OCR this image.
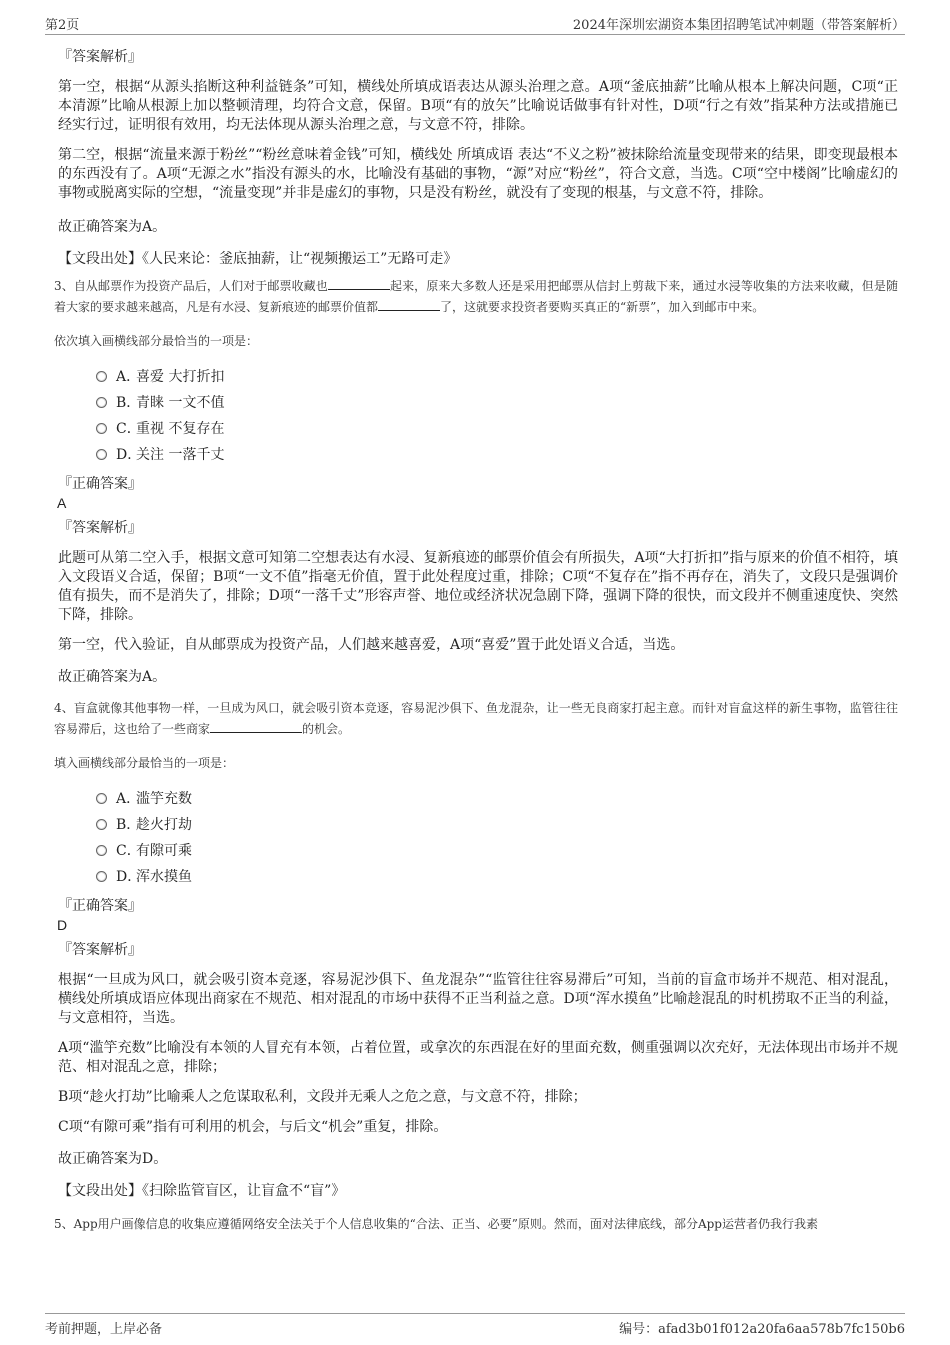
第2页	2024年深圳宏湖资本集团招聘笔试冲刺题（带答案解析）
『答案解析』

第一空，根据“从源头掐断这种利益链条”可知，横线处所填成语表达从源头治理之意。A项“釜底抽薪”比喻从根本上解决问题，C项“正本清源”比喻从根源上加以整顿清理，均符合文意，保留。B项“有的放矢”比喻说话做事有针对性，D项“行之有效”指某种方法或措施已经实行过，证明很有效用，均无法体现从源头治理之意，与文意不符，排除。

第二空，根据“流量来源于粉丝”“粉丝意味着金钱”可知，横线处 所填成语 表达“不义之粉”被抹除给流量变现带来的结果，即变现最根本的东西没有了。A项“无源之水”指没有源头的水，比喻没有基础的事物，“源”对应“粉丝”，符合文意，当选。C项“空中楼阁”比喻虚幻的事物或脱离实际的空想，“流量变现”并非是虚幻的事物，只是没有粉丝，就没有了变现的根基，与文意不符，排除。

故正确答案为A。
【文段出处】《人民来论：釜底抽薪，让“视频搬运工”无路可走》
3、自从邮票作为投资产品后，人们对于邮票收藏也	起来，原来大多数人还是采用把邮票从信封上剪裁下来，通过水浸等收集的方法来收藏，但是随着大家的要求越来越高，凡是有水浸、复新痕迹的邮票价值都	了，这就要求投资者要购买真正的“新票”，加入到邮市中来。
依次填入画横线部分最恰当的一项是：
A．
喜爱 大打折扣
B．
青睐 一文不值
C．
重视 不复存在
D．
关注 一落千丈
『正确答案』
A
『答案解析』

此题可从第二空入手，根据文意可知第二空想表达有水浸、复新痕迹的邮票价值会有所损失，A项“大打折扣”指与原来的价值不相符，填入文段语义合适，保留；B项“一文不值”指毫无价值，置于此处程度过重，排除；C项“不复存在”指不再存在，消失了，文段只是强调价值有损失，而不是消失了，排除；D项“一落千丈”形容声誉、地位或经济状况急剧下降，强调下降的很快，而文段并不侧重速度快、突然下降，排除。

第一空，代入验证，自从邮票成为投资产品，人们越来越喜爱，A项“喜爱”置于此处语义合适，当选。

故正确答案为A。
4、盲盒就像其他事物一样，一旦成为风口，就会吸引资本竞逐，容易泥沙俱下、鱼龙混杂，让一些无良商家打起主意。而针对盲盒这样的新生事物，监管往往容易滞后，这也给了一些商家	的机会。
填入画横线部分最恰当的一项是：
A．
滥竽充数
B．
趁火打劫
C．
有隙可乘
D．
浑水摸鱼
『正确答案』
D
『答案解析』

根据“一旦成为风口，就会吸引资本竞逐，容易泥沙俱下、鱼龙混杂”“监管往往容易滞后”可知，当前的盲盒市场并不规范、相对混乱，横线处所填成语应体现出商家在不规范、相对混乱的市场中获得不正当利益之意。D项“浑水摸鱼”比喻趁混乱的时机捞取不正当的利益，与文意相符，当选。

A项“滥竽充数”比喻没有本领的人冒充有本领，占着位置，或拿次的东西混在好的里面充数，侧重强调以次充好，无法体现出市场并不规范、相对混乱之意，排除；

B项“趁火打劫”比喻乘人之危谋取私利，文段并无乘人之危之意，与文意不符，排除；

C项“有隙可乘”指有可利用的机会，与后文“机会”重复，排除。

故正确答案为D。
【文段出处】《扫除监管盲区，让盲盒不“盲”》
5、App用户画像信息的收集应遵循网络安全法关于个人信息收集的“合法、正当、必要”原则。然而，面对法律底线，部分App运营者仍我行我素
考前押题，上岸必备	编号：afad3b01f012a20fa6aa578b7fc150b6
